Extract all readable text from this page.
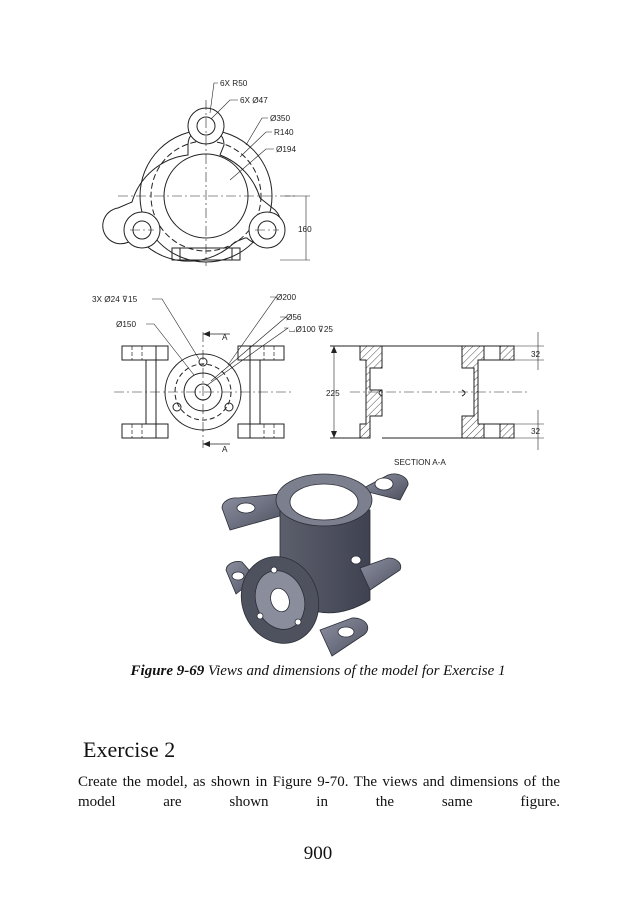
6X R50
6X Ø47
Ø350
R140
Ø194
160
3X Ø24 ⊽15
Ø150
Ø200
Ø56
⌴Ø100 ⊽25
A
A
225
32
32
SECTION A-A
Figure 9-69 Views and dimensions of the model for Exercise 1
Exercise 2
Create the model, as shown in Figure 9-70. The views and dimensions of the model are shown in the same figure.
900
